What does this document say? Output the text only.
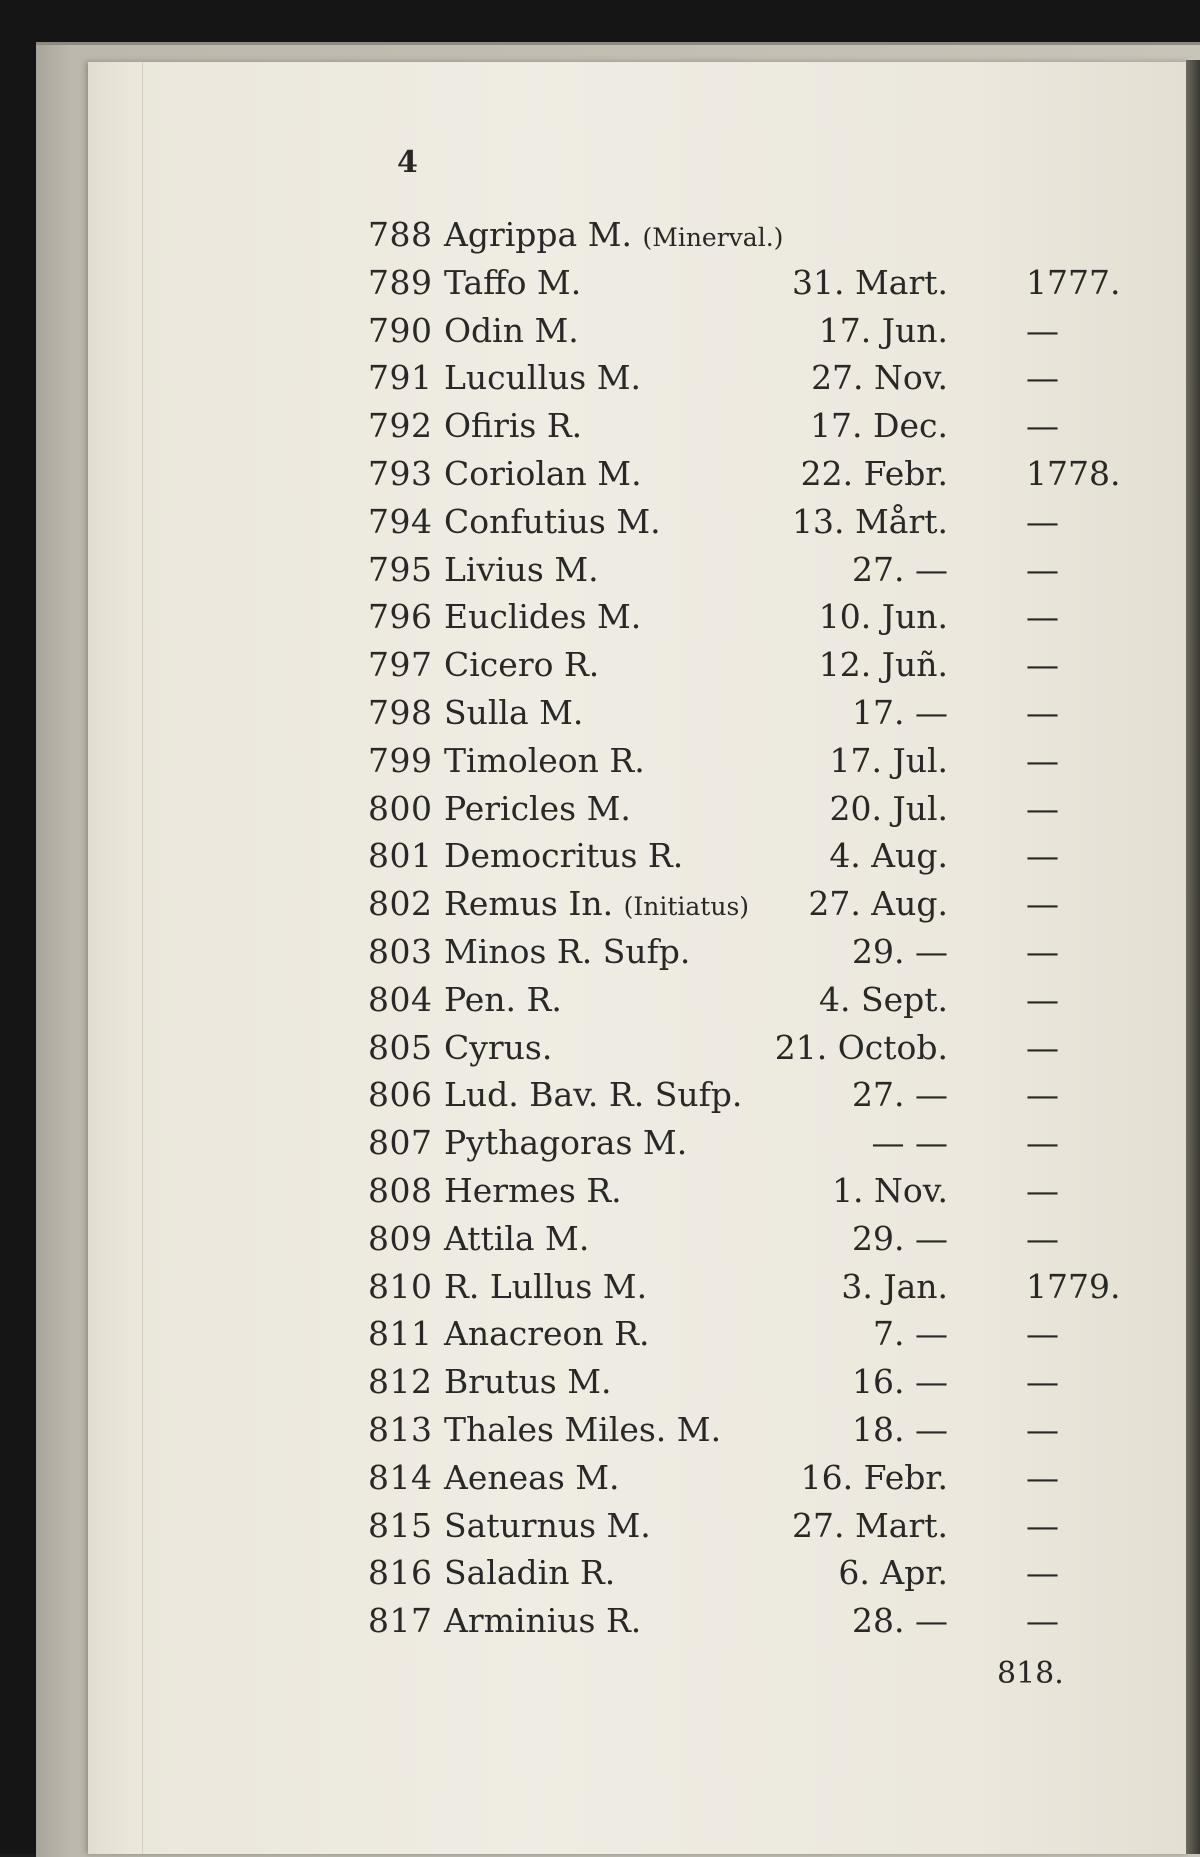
4
788 Agrippa M. (Minerval.)
789 Taffo M.	31. Mart. 1777.
790 Odin M.	17. Jun. —
791 Lucullus M.	27. Nov. —
792 Ofiris R.	17. Dec. —
793 Coriolan M.	22. Febr. 1778.
794 Confutius M.	13. Mårt. —
795 Livius M.	27. — —
796 Euclides M.	10. Jun. —
797 Cicero R.	12. Juñ. —
798 Sulla M.	17. — —
799 Timoleon R.	17. Jul. —
800 Pericles M.	20. Jul. —
801 Democritus R.	4. Aug. —
802 Remus In. (Initiatus) 27. Aug. —
803 Minos R. Sufp.	29. — —
804 Pen. R.	4. Sept. —
805 Cyrus.	21. Octob. —
806 Lud. Bav. R. Sufp.	27. — —
807 Pythagoras M.	— — —
808 Hermes R.	1. Nov. —
809 Attila M.	29. — —
810 R. Lullus M.	3. Jan. 1779.
811 Anacreon R.	7. — —
812 Brutus M.	16. — —
813 Thales Miles. M.	18. — —
814 Aeneas M.	16. Febr. —
815 Saturnus M.	27. Mart. —
816 Saladin R.	6. Apr. —
817 Arminius R.	28. — —
818.
